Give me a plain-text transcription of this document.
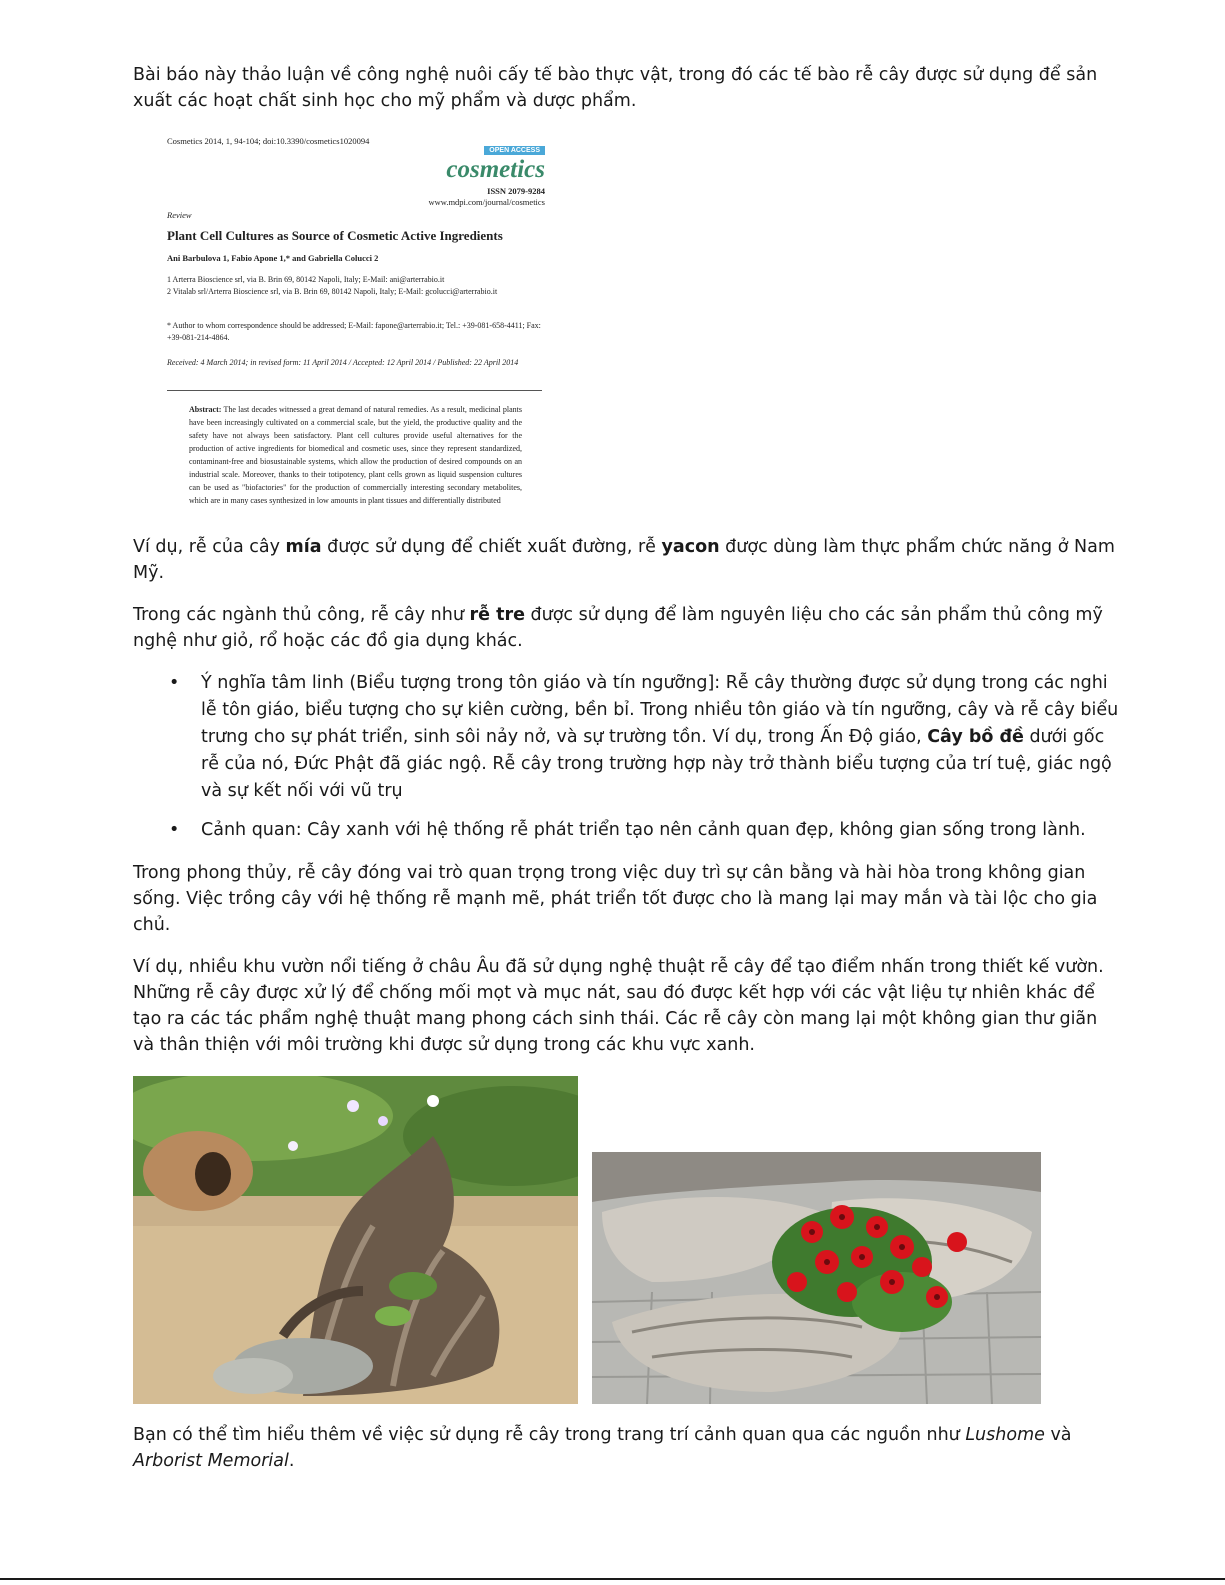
Bài báo này thảo luận về công nghệ nuôi cấy tế bào thực vật, trong đó các tế bào rễ cây được sử dụng để sản xuất các hoạt chất sinh học cho mỹ phẩm và dược phẩm.

Cosmetics 2014, 1, 94-104; doi:10.3390/cosmetics1020094
OPEN ACCESS
cosmetics
ISSN 2079-9284
www.mdpi.com/journal/cosmetics
Review
Plant Cell Cultures as Source of Cosmetic Active Ingredients
Ani Barbulova 1, Fabio Apone 1,* and Gabriella Colucci 2
1 Arterra Bioscience srl, via B. Brin 69, 80142 Napoli, Italy; E-Mail: ani@arterrabio.it
2 Vitalab srl/Arterra Bioscience srl, via B. Brin 69, 80142 Napoli, Italy; E-Mail: gcolucci@arterrabio.it
* Author to whom correspondence should be addressed; E-Mail: fapone@arterrabio.it; Tel.: +39-081-658-4411; Fax: +39-081-214-4864.
Received: 4 March 2014; in revised form: 11 April 2014 / Accepted: 12 April 2014 / Published: 22 April 2014
Abstract: The last decades witnessed a great demand of natural remedies. As a result, medicinal plants have been increasingly cultivated on a commercial scale, but the yield, the productive quality and the safety have not always been satisfactory. Plant cell cultures provide useful alternatives for the production of active ingredients for biomedical and cosmetic uses, since they represent standardized, contaminant-free and biosustainable systems, which allow the production of desired compounds on an industrial scale. Moreover, thanks to their totipotency, plant cells grown as liquid suspension cultures can be used as "biofactories" for the production of commercially interesting secondary metabolites, which are in many cases synthesized in low amounts in plant tissues and differentially distributed

Ví dụ, rễ của cây mía được sử dụng để chiết xuất đường, rễ yacon được dùng làm thực phẩm chức năng ở Nam Mỹ.

Trong các ngành thủ công, rễ cây như rễ tre được sử dụng để làm nguyên liệu cho các sản phẩm thủ công mỹ nghệ như giỏ, rổ hoặc các đồ gia dụng khác.

• Ý nghĩa tâm linh (Biểu tượng trong tôn giáo và tín ngưỡng]: Rễ cây thường được sử dụng trong các nghi lễ tôn giáo, biểu tượng cho sự kiên cường, bền bỉ. Trong nhiều tôn giáo và tín ngưỡng, cây và rễ cây biểu trưng cho sự phát triển, sinh sôi nảy nở, và sự trường tồn. Ví dụ, trong Ấn Độ giáo, Cây bồ đề dưới gốc rễ của nó, Đức Phật đã giác ngộ. Rễ cây trong trường hợp này trở thành biểu tượng của trí tuệ, giác ngộ và sự kết nối với vũ trụ
• Cảnh quan: Cây xanh với hệ thống rễ phát triển tạo nên cảnh quan đẹp, không gian sống trong lành.

Trong phong thủy, rễ cây đóng vai trò quan trọng trong việc duy trì sự cân bằng và hài hòa trong không gian sống. Việc trồng cây với hệ thống rễ mạnh mẽ, phát triển tốt được cho là mang lại may mắn và tài lộc cho gia chủ.

Ví dụ, nhiều khu vườn nổi tiếng ở châu Âu đã sử dụng nghệ thuật rễ cây để tạo điểm nhấn trong thiết kế vườn. Những rễ cây được xử lý để chống mối mọt và mục nát, sau đó được kết hợp với các vật liệu tự nhiên khác để tạo ra các tác phẩm nghệ thuật mang phong cách sinh thái. Các rễ cây còn mang lại một không gian thư giãn và thân thiện với môi trường khi được sử dụng trong các khu vực xanh.

Bạn có thể tìm hiểu thêm về việc sử dụng rễ cây trong trang trí cảnh quan qua các nguồn như Lushome và Arborist Memorial.
